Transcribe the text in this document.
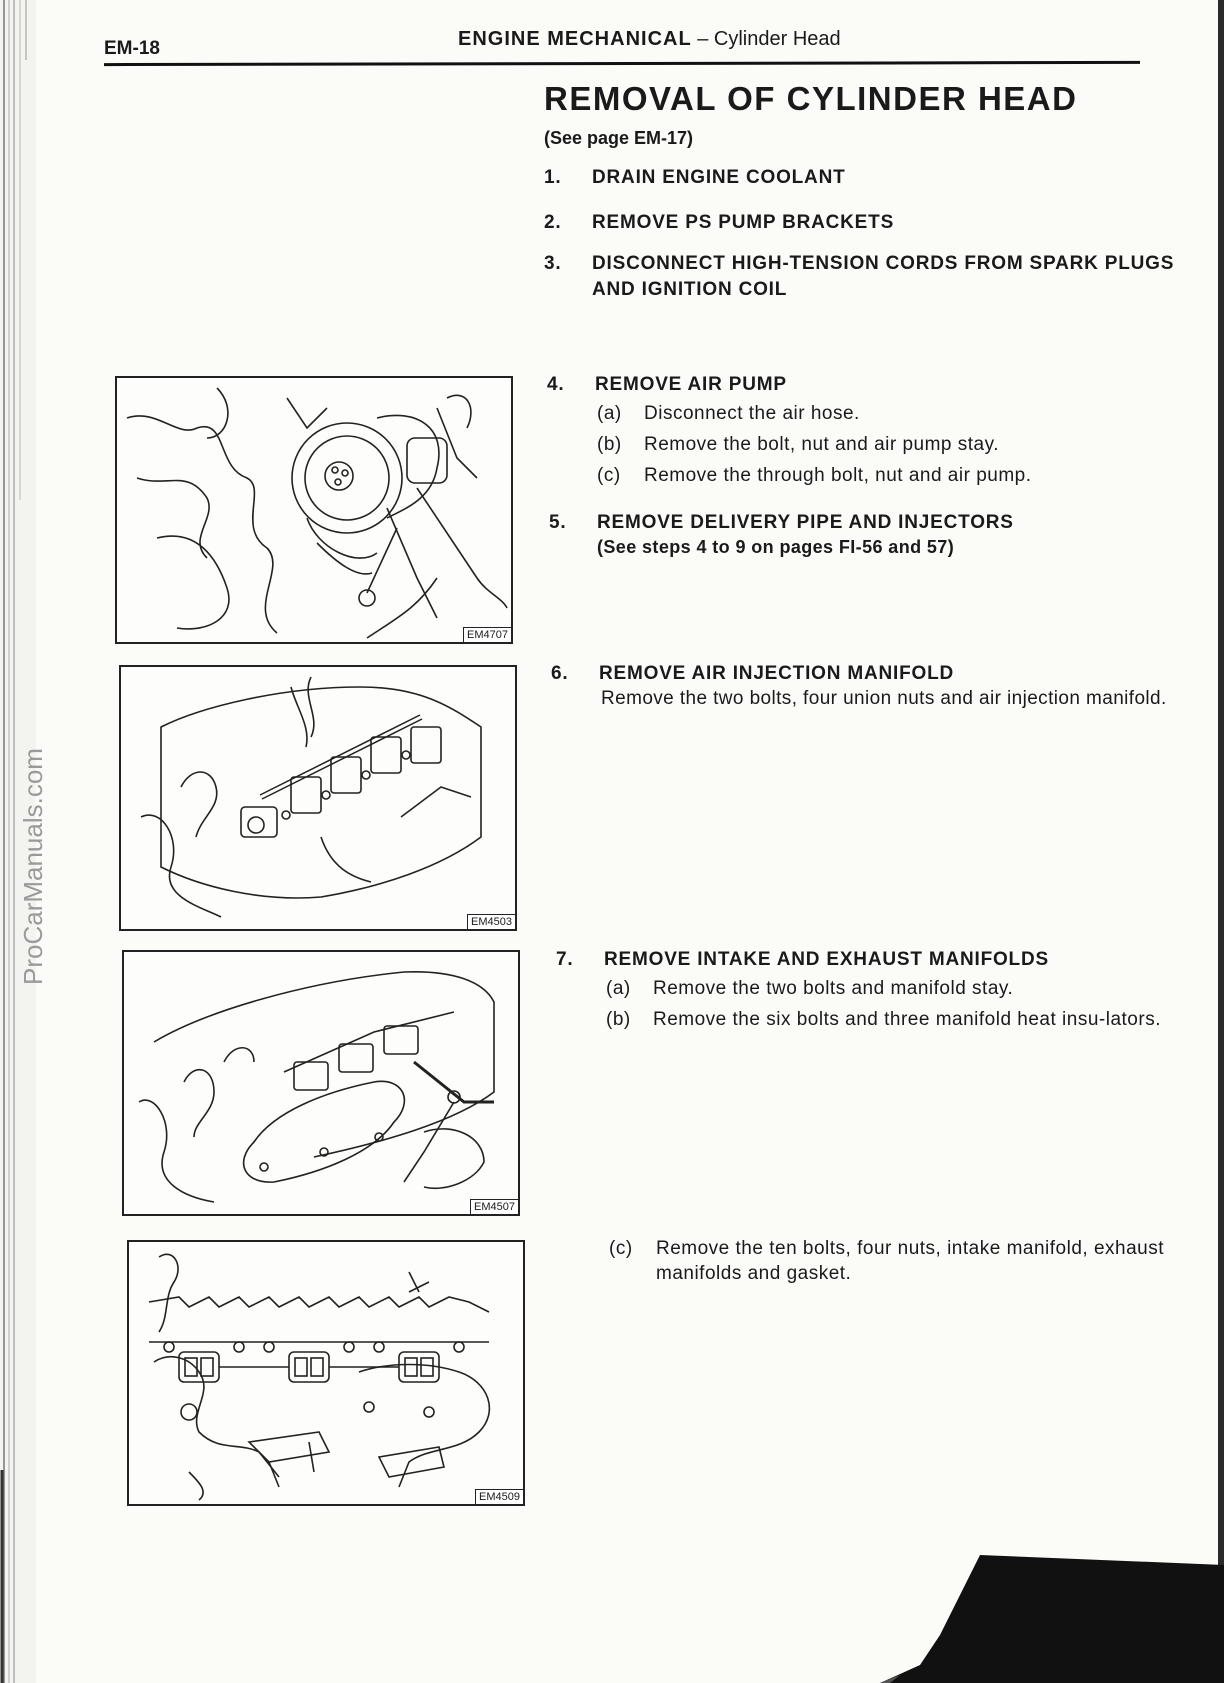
ProCarManuals.com
EM-18	ENGINE MECHANICAL – Cylinder Head
REMOVAL OF CYLINDER HEAD
(See page EM-17)
1. DRAIN ENGINE COOLANT
2. REMOVE PS PUMP BRACKETS
3. DISCONNECT HIGH-TENSION CORDS FROM SPARK PLUGS AND IGNITION COIL
4. REMOVE AIR PUMP
(a) Disconnect the air hose.
(b) Remove the bolt, nut and air pump stay.
(c) Remove the through bolt, nut and air pump.
5. REMOVE DELIVERY PIPE AND INJECTORS
(See steps 4 to 9 on pages FI-56 and 57)
6. REMOVE AIR INJECTION MANIFOLD
Remove the two bolts, four union nuts and air injection manifold.
7. REMOVE INTAKE AND EXHAUST MANIFOLDS
(a) Remove the two bolts and manifold stay.
(b) Remove the six bolts and three manifold heat insu-lators.
(c) Remove the ten bolts, four nuts, intake manifold, exhaust manifolds and gasket.
EM4707
EM4503
EM4507
EM4509
